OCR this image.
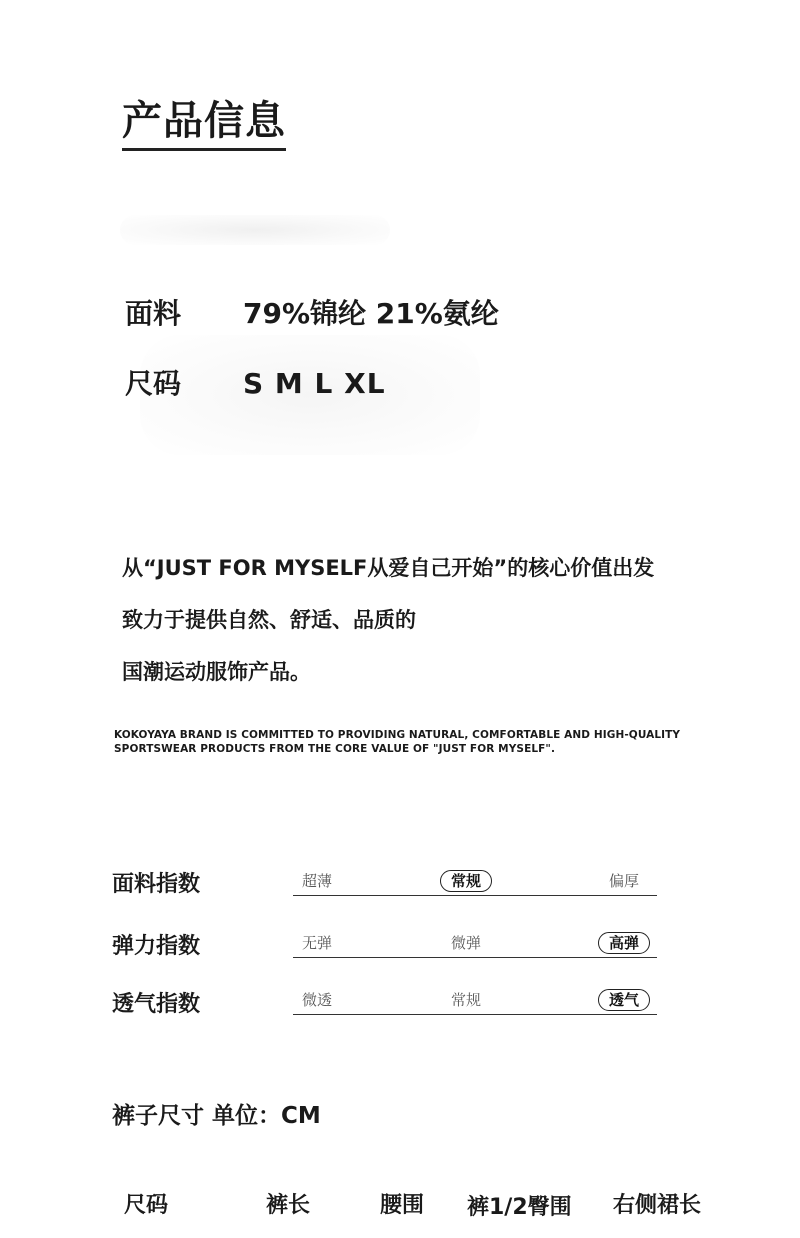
产品信息
面料 79%锦纶 21%氨纶
尺码 S M L XL
从“JUST FOR MYSELF从爱自己开始”的核心价值出发
致力于提供自然、舒适、品质的
国潮运动服饰产品。
KOKOYAYA BRAND IS COMMITTED TO PROVIDING NATURAL, COMFORTABLE AND HIGH-QUALITY
SPORTSWEAR PRODUCTS FROM THE CORE VALUE OF "JUST FOR MYSELF".
面料指数	超薄	常规	偏厚
弹力指数	无弹	微弹	高弹
透气指数	微透	常规	透气
裤子尺寸 单位：CM
尺码	裤长	腰围 裤1/2臀围 右侧裙长
